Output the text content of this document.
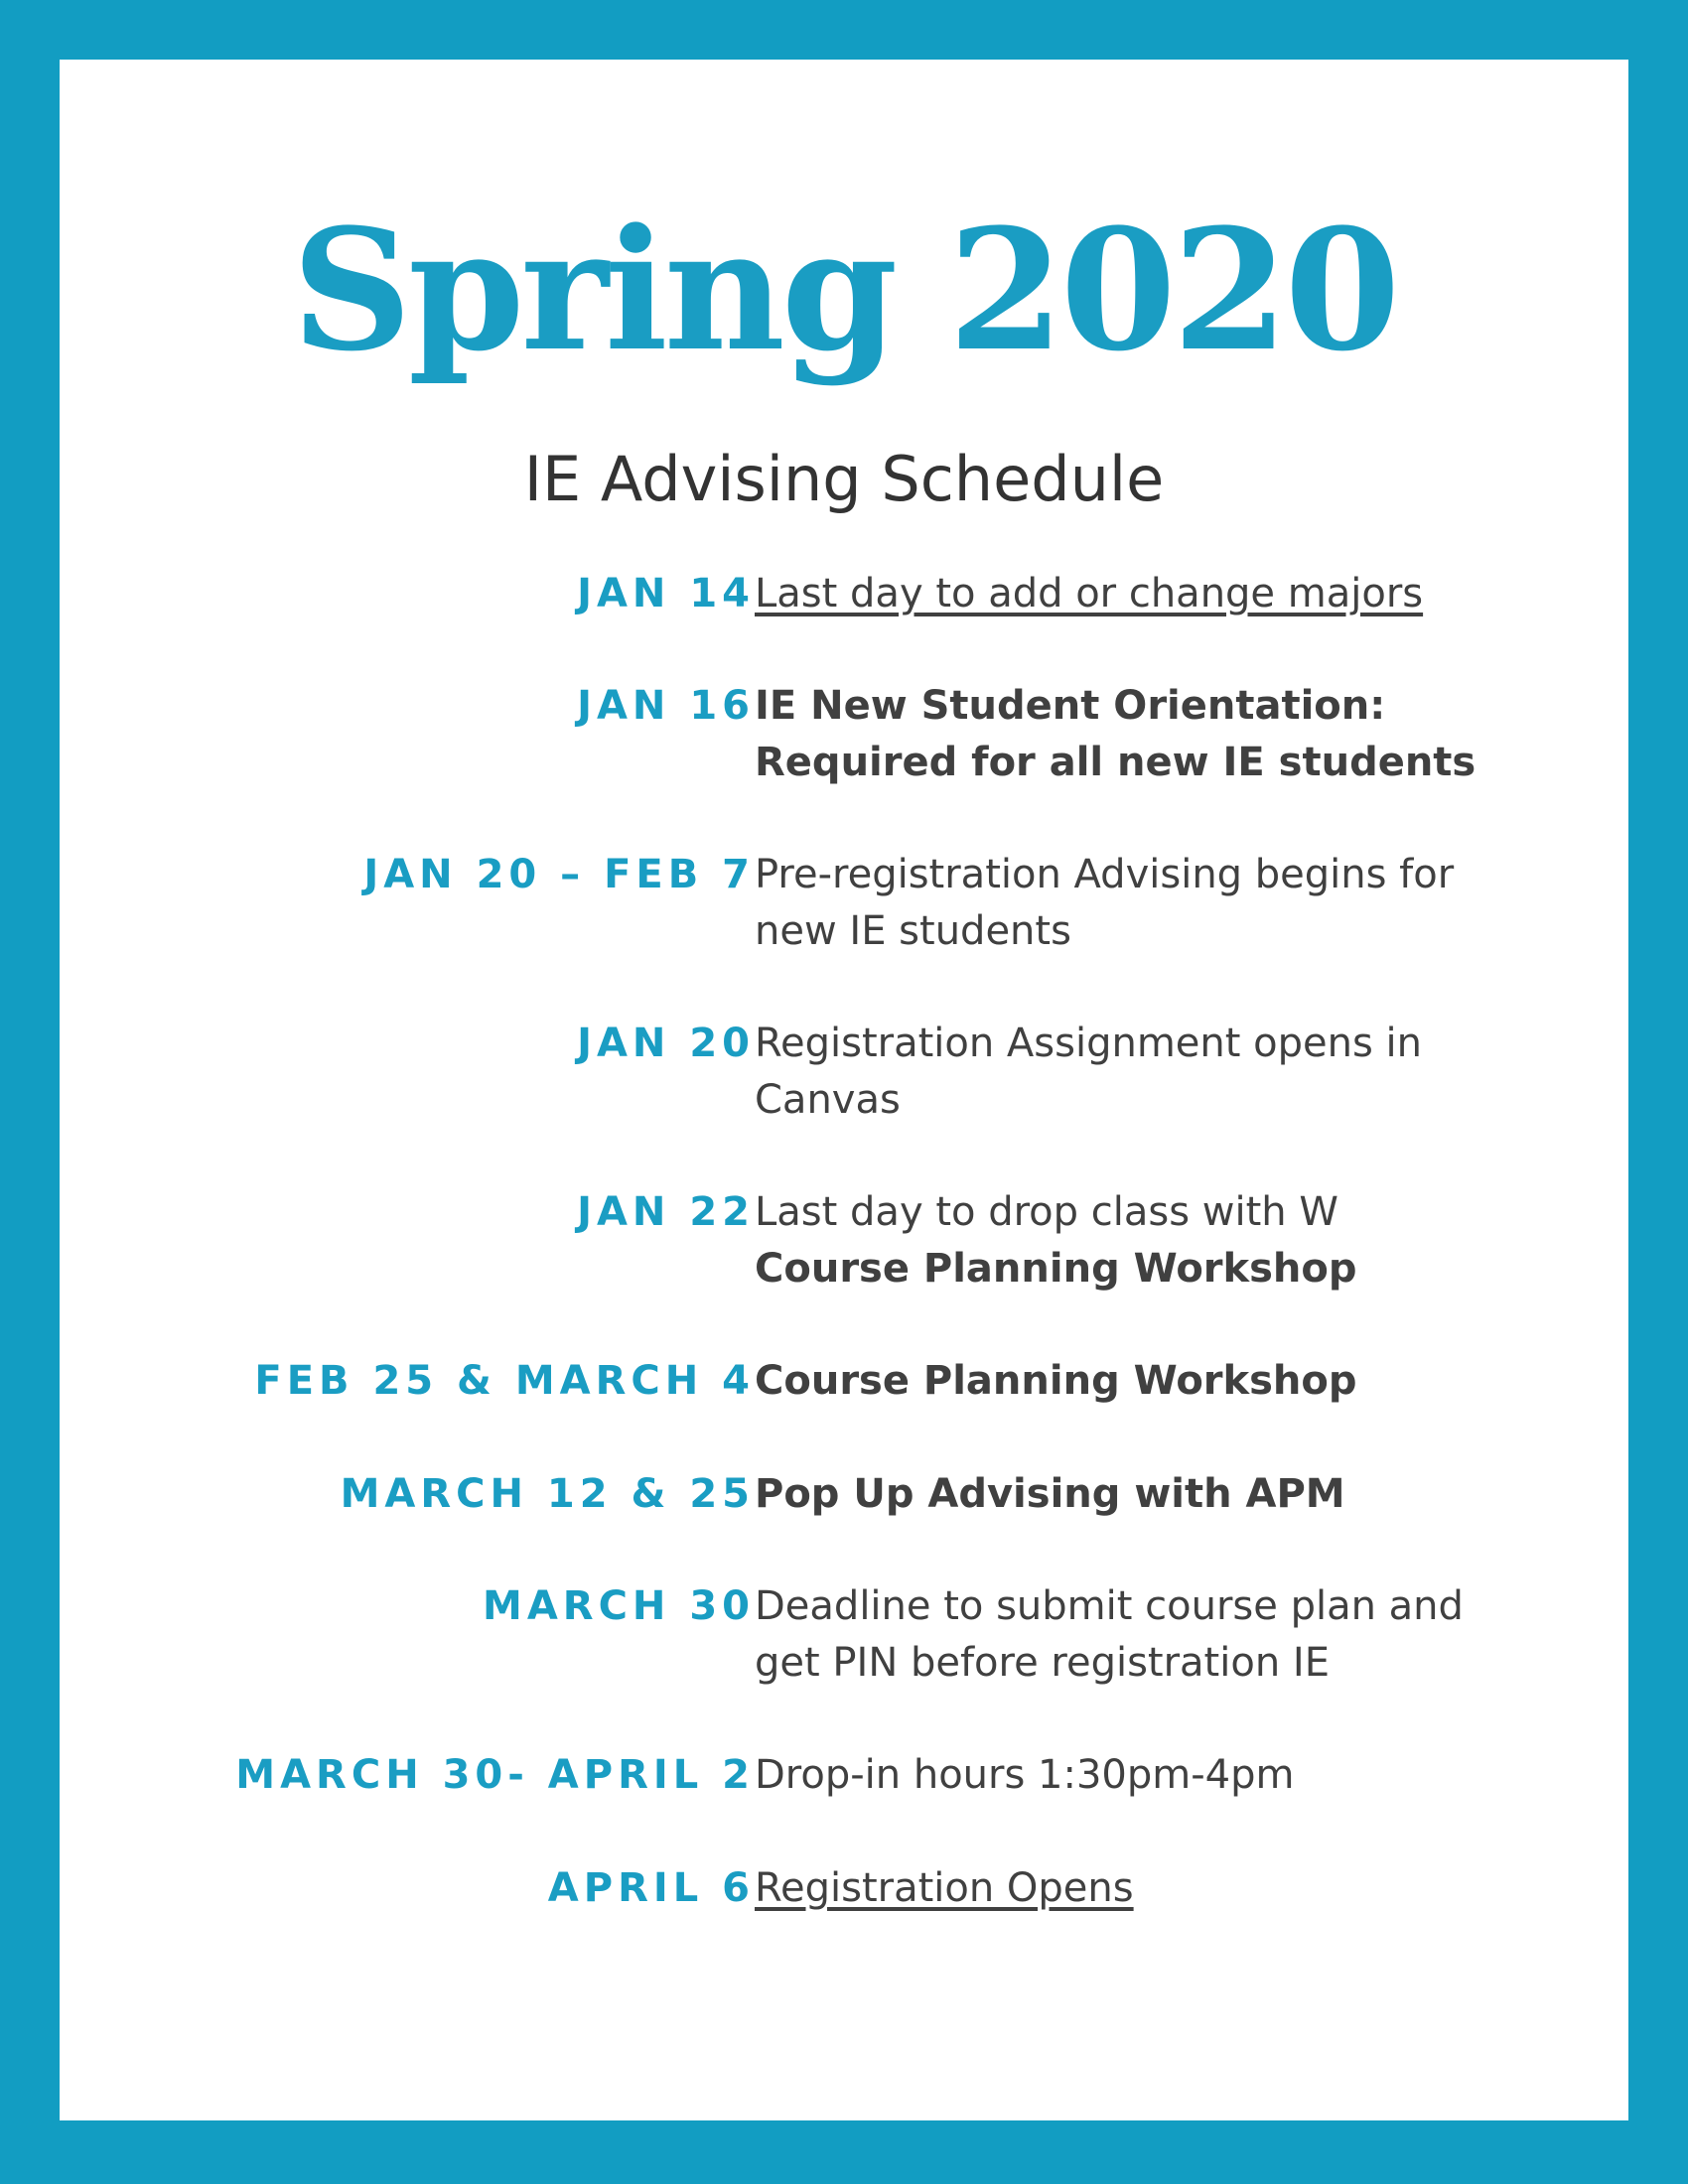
Spring 2020
IE Advising Schedule
JAN 14 Last day to add or change majors
JAN 16 IE New Student Orientation:
Required for all new IE students
JAN 20 – FEB 7 Pre-registration Advising begins for
new IE students
JAN 20 Registration Assignment opens in
Canvas
JAN 22 Last day to drop class with W
Course Planning Workshop
FEB 25 & MARCH 4 Course Planning Workshop
MARCH 12 & 25 Pop Up Advising with APM
MARCH 30 Deadline to submit course plan and
get PIN before registration IE
MARCH 30- APRIL 2 Drop-in hours 1:30pm-4pm
APRIL 6 Registration Opens
